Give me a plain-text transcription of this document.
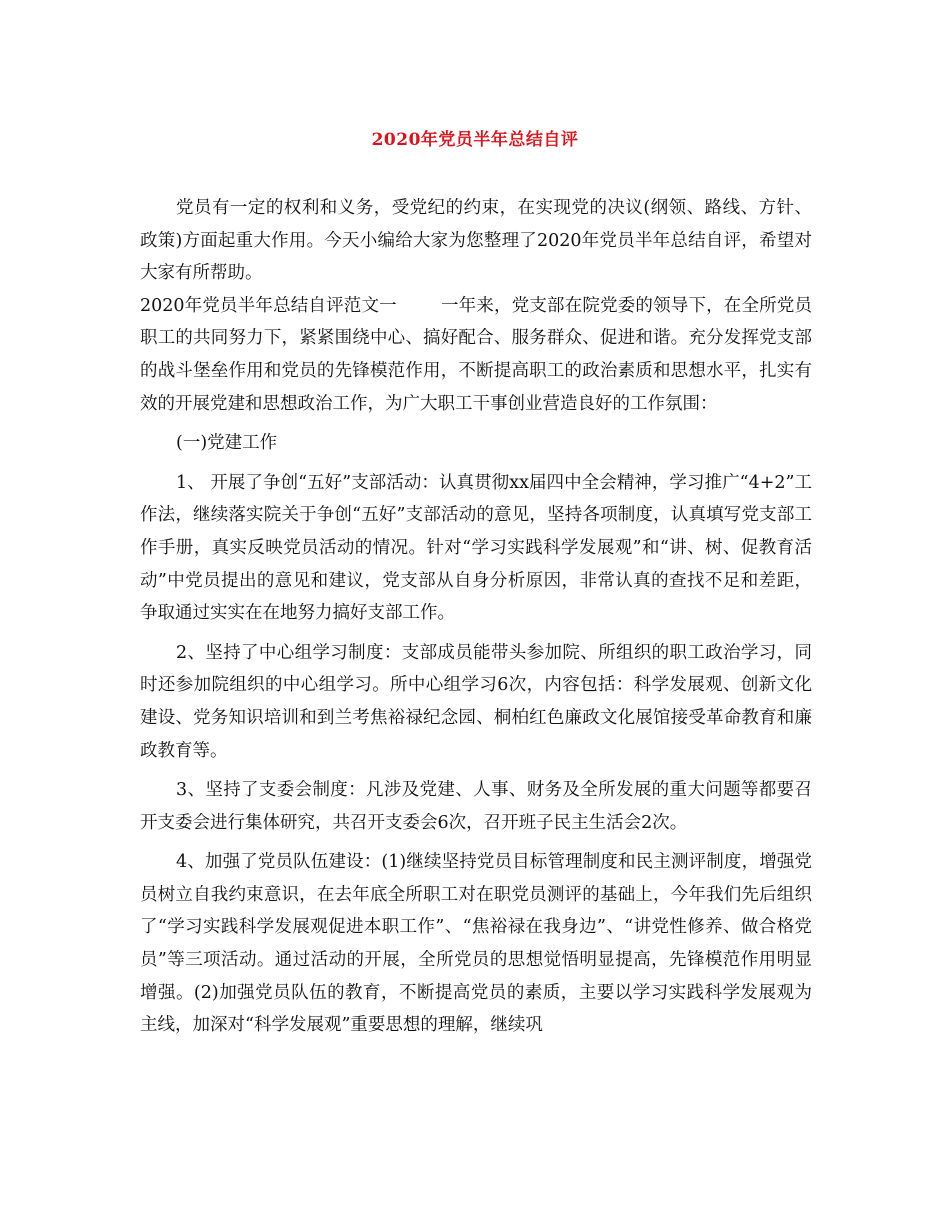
2020年党员半年总结自评

党员有一定的权利和义务，受党纪的约束，在实现党的决议(纲领、路线、方针、政策)方面起重大作用。今天小编给大家为您整理了2020年党员半年总结自评，希望对大家有所帮助。

2020年党员半年总结自评范文一	一年来，党支部在院党委的领导下，在全所党员职工的共同努力下，紧紧围绕中心、搞好配合、服务群众、促进和谐。充分发挥党支部的战斗堡垒作用和党员的先锋模范作用，不断提高职工的政治素质和思想水平，扎实有效的开展党建和思想政治工作，为广大职工干事创业营造良好的工作氛围：

(一)党建工作

1、 开展了争创“五好”支部活动：认真贯彻xx届四中全会精神，学习推广“4+2”工作法，继续落实院关于争创“五好”支部活动的意见，坚持各项制度，认真填写党支部工作手册，真实反映党员活动的情况。针对“学习实践科学发展观”和“讲、树、促教育活动”中党员提出的意见和建议，党支部从自身分析原因，非常认真的查找不足和差距，争取通过实实在在地努力搞好支部工作。

2、坚持了中心组学习制度：支部成员能带头参加院、所组织的职工政治学习，同时还参加院组织的中心组学习。所中心组学习6次，内容包括：科学发展观、创新文化建设、党务知识培训和到兰考焦裕禄纪念园、桐柏红色廉政文化展馆接受革命教育和廉政教育等。

3、坚持了支委会制度：凡涉及党建、人事、财务及全所发展的重大问题等都要召开支委会进行集体研究，共召开支委会6次，召开班子民主生活会2次。

4、加强了党员队伍建设：(1)继续坚持党员目标管理制度和民主测评制度，增强党员树立自我约束意识，在去年底全所职工对在职党员测评的基础上，今年我们先后组织了“学习实践科学发展观促进本职工作”、“焦裕禄在我身边”、“讲党性修养、做合格党员”等三项活动。通过活动的开展，全所党员的思想觉悟明显提高，先锋模范作用明显增强。(2)加强党员队伍的教育，不断提高党员的素质，主要以学习实践科学发展观为主线，加深对“科学发展观”重要思想的理解，继续巩
